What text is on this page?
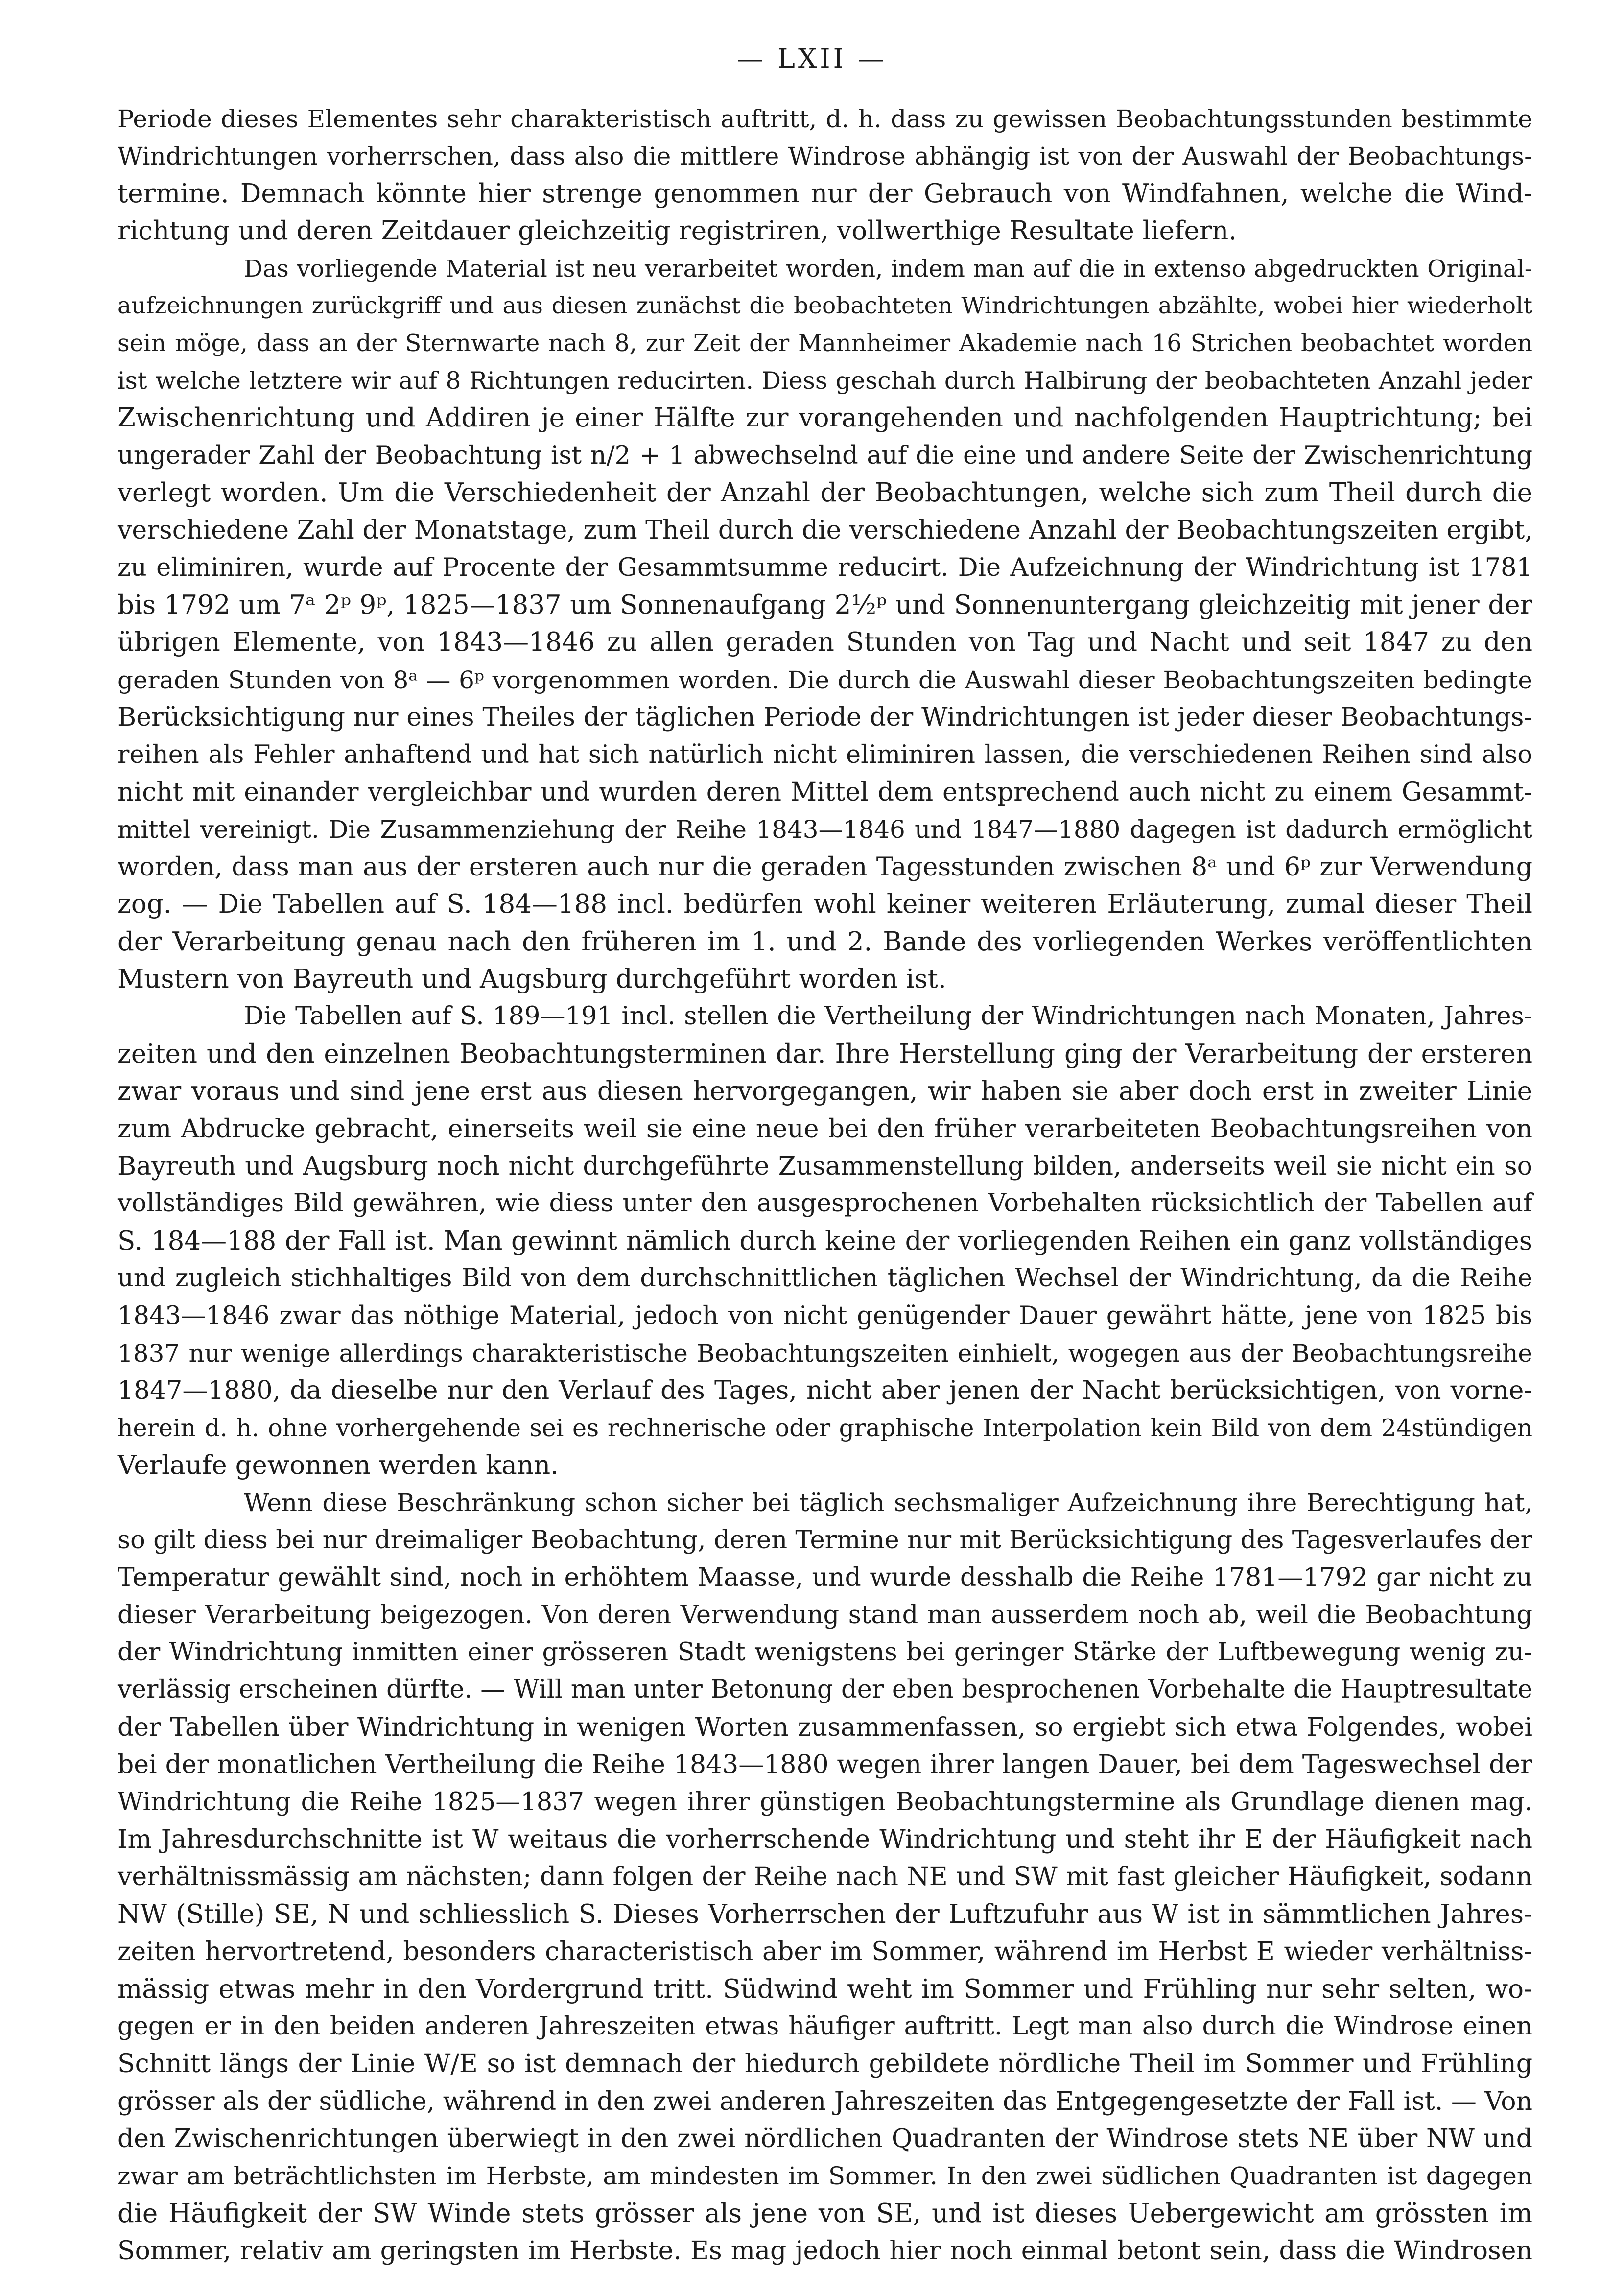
— LXII —
Periode dieses Elementes sehr charakteristisch auftritt, d. h. dass zu gewissen Beobachtungsstunden bestimmte
Windrichtungen vorherrschen, dass also die mittlere Windrose abhängig ist von der Auswahl der Beobachtungs-
termine. Demnach könnte hier strenge genommen nur der Gebrauch von Windfahnen, welche die Wind-
richtung und deren Zeitdauer gleichzeitig registriren, vollwerthige Resultate liefern.
Das vorliegende Material ist neu verarbeitet worden, indem man auf die in extenso abgedruckten Original-
aufzeichnungen zurückgriff und aus diesen zunächst die beobachteten Windrichtungen abzählte, wobei hier wiederholt
sein möge, dass an der Sternwarte nach 8, zur Zeit der Mannheimer Akademie nach 16 Strichen beobachtet worden
ist welche letztere wir auf 8 Richtungen reducirten. Diess geschah durch Halbirung der beobachteten Anzahl jeder
Zwischenrichtung und Addiren je einer Hälfte zur vorangehenden und nachfolgenden Hauptrichtung; bei
ungerader Zahl der Beobachtung ist n/2 + 1 abwechselnd auf die eine und andere Seite der Zwischenrichtung
verlegt worden. Um die Verschiedenheit der Anzahl der Beobachtungen, welche sich zum Theil durch die
verschiedene Zahl der Monatstage, zum Theil durch die verschiedene Anzahl der Beobachtungszeiten ergibt,
zu eliminiren, wurde auf Procente der Gesammtsumme reducirt. Die Aufzeichnung der Windrichtung ist 1781
bis 1792 um 7ᵃ 2ᵖ 9ᵖ, 1825—1837 um Sonnenaufgang 2½ᵖ und Sonnenuntergang gleichzeitig mit jener der
übrigen Elemente, von 1843—1846 zu allen geraden Stunden von Tag und Nacht und seit 1847 zu den
geraden Stunden von 8ᵃ — 6ᵖ vorgenommen worden. Die durch die Auswahl dieser Beobachtungszeiten bedingte
Berücksichtigung nur eines Theiles der täglichen Periode der Windrichtungen ist jeder dieser Beobachtungs-
reihen als Fehler anhaftend und hat sich natürlich nicht eliminiren lassen, die verschiedenen Reihen sind also
nicht mit einander vergleichbar und wurden deren Mittel dem entsprechend auch nicht zu einem Gesammt-
mittel vereinigt. Die Zusammenziehung der Reihe 1843—1846 und 1847—1880 dagegen ist dadurch ermöglicht
worden, dass man aus der ersteren auch nur die geraden Tagesstunden zwischen 8ᵃ und 6ᵖ zur Verwendung
zog. — Die Tabellen auf S. 184—188 incl. bedürfen wohl keiner weiteren Erläuterung, zumal dieser Theil
der Verarbeitung genau nach den früheren im 1. und 2. Bande des vorliegenden Werkes veröffentlichten
Mustern von Bayreuth und Augsburg durchgeführt worden ist.
Die Tabellen auf S. 189—191 incl. stellen die Vertheilung der Windrichtungen nach Monaten, Jahres-
zeiten und den einzelnen Beobachtungsterminen dar. Ihre Herstellung ging der Verarbeitung der ersteren
zwar voraus und sind jene erst aus diesen hervorgegangen, wir haben sie aber doch erst in zweiter Linie
zum Abdrucke gebracht, einerseits weil sie eine neue bei den früher verarbeiteten Beobachtungsreihen von
Bayreuth und Augsburg noch nicht durchgeführte Zusammenstellung bilden, anderseits weil sie nicht ein so
vollständiges Bild gewähren, wie diess unter den ausgesprochenen Vorbehalten rücksichtlich der Tabellen auf
S. 184—188 der Fall ist. Man gewinnt nämlich durch keine der vorliegenden Reihen ein ganz vollständiges
und zugleich stichhaltiges Bild von dem durchschnittlichen täglichen Wechsel der Windrichtung, da die Reihe
1843—1846 zwar das nöthige Material, jedoch von nicht genügender Dauer gewährt hätte, jene von 1825 bis
1837 nur wenige allerdings charakteristische Beobachtungszeiten einhielt, wogegen aus der Beobachtungsreihe
1847—1880, da dieselbe nur den Verlauf des Tages, nicht aber jenen der Nacht berücksichtigen, von vorne-
herein d. h. ohne vorhergehende sei es rechnerische oder graphische Interpolation kein Bild von dem 24stündigen
Verlaufe gewonnen werden kann.
Wenn diese Beschränkung schon sicher bei täglich sechsmaliger Aufzeichnung ihre Berechtigung hat,
so gilt diess bei nur dreimaliger Beobachtung, deren Termine nur mit Berücksichtigung des Tagesverlaufes der
Temperatur gewählt sind, noch in erhöhtem Maasse, und wurde desshalb die Reihe 1781—1792 gar nicht zu
dieser Verarbeitung beigezogen. Von deren Verwendung stand man ausserdem noch ab, weil die Beobachtung
der Windrichtung inmitten einer grösseren Stadt wenigstens bei geringer Stärke der Luftbewegung wenig zu-
verlässig erscheinen dürfte. — Will man unter Betonung der eben besprochenen Vorbehalte die Hauptresultate
der Tabellen über Windrichtung in wenigen Worten zusammenfassen, so ergiebt sich etwa Folgendes, wobei
bei der monatlichen Vertheilung die Reihe 1843—1880 wegen ihrer langen Dauer, bei dem Tageswechsel der
Windrichtung die Reihe 1825—1837 wegen ihrer günstigen Beobachtungstermine als Grundlage dienen mag.
Im Jahresdurchschnitte ist W weitaus die vorherrschende Windrichtung und steht ihr E der Häufigkeit nach
verhältnissmässig am nächsten; dann folgen der Reihe nach NE und SW mit fast gleicher Häufigkeit, sodann
NW (Stille) SE, N und schliesslich S. Dieses Vorherrschen der Luftzufuhr aus W ist in sämmtlichen Jahres-
zeiten hervortretend, besonders characteristisch aber im Sommer, während im Herbst E wieder verhältniss-
mässig etwas mehr in den Vordergrund tritt. Südwind weht im Sommer und Frühling nur sehr selten, wo-
gegen er in den beiden anderen Jahreszeiten etwas häufiger auftritt. Legt man also durch die Windrose einen
Schnitt längs der Linie W/E so ist demnach der hiedurch gebildete nördliche Theil im Sommer und Frühling
grösser als der südliche, während in den zwei anderen Jahreszeiten das Entgegengesetzte der Fall ist. — Von
den Zwischenrichtungen überwiegt in den zwei nördlichen Quadranten der Windrose stets NE über NW und
zwar am beträchtlichsten im Herbste, am mindesten im Sommer. In den zwei südlichen Quadranten ist dagegen
die Häufigkeit der SW Winde stets grösser als jene von SE, und ist dieses Uebergewicht am grössten im
Sommer, relativ am geringsten im Herbste. Es mag jedoch hier noch einmal betont sein, dass die Windrosen
